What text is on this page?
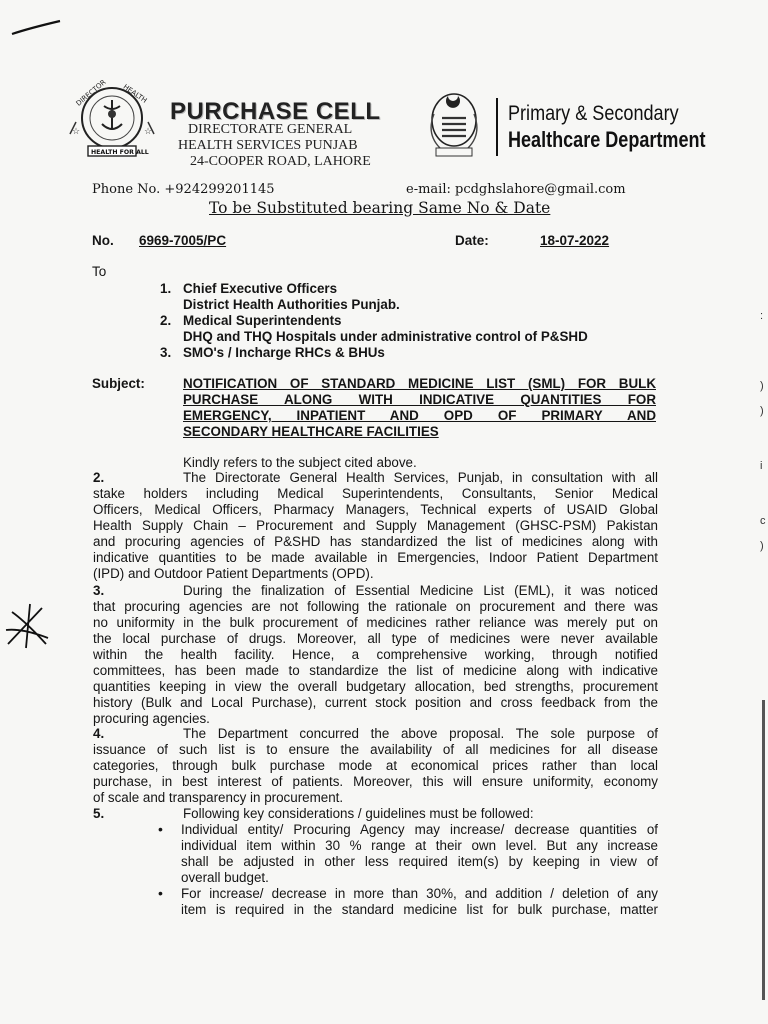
DIRECTOR HEALTH
☆	☆
HEALTH FOR ALL
PURCHASE CELL
DIRECTORATE GENERAL
HEALTH SERVICES PUNJAB
24-COOPER ROAD, LAHORE
Primary & Secondary
Healthcare Department
Phone No. +924299201145	e-mail: pcdghslahore@gmail.com
To be Substituted bearing Same No & Date
No. 6969-7005/PC	Date:	18-07-2022
To
1. Chief Executive Officers
District Health Authorities Punjab.
2. Medical Superintendents
DHQ and THQ Hospitals under administrative control of P&SHD
3. SMO's / Incharge RHCs & BHUs
Subject:	NOTIFICATION OF STANDARD MEDICINE LIST (SML) FOR BULK
PURCHASE ALONG WITH INDICATIVE QUANTITIES FOR
EMERGENCY, INPATIENT AND OPD OF PRIMARY AND
SECONDARY HEALTHCARE FACILITIES
Kindly refers to the subject cited above.
2.	The Directorate General Health Services, Punjab, in consultation with all
stake holders including Medical Superintendents, Consultants, Senior Medical
Officers, Medical Officers, Pharmacy Managers, Technical experts of USAID Global
Health Supply Chain – Procurement and Supply Management (GHSC-PSM) Pakistan
and procuring agencies of P&SHD has standardized the list of medicines along with
indicative quantities to be made available in Emergencies, Indoor Patient Department
(IPD) and Outdoor Patient Departments (OPD).
3.	During the finalization of Essential Medicine List (EML), it was noticed
that procuring agencies are not following the rationale on procurement and there was
no uniformity in the bulk procurement of medicines rather reliance was merely put on
the local purchase of drugs. Moreover, all type of medicines were never available
within the health facility. Hence, a comprehensive working, through notified
committees, has been made to standardize the list of medicine along with indicative
quantities keeping in view the overall budgetary allocation, bed strengths, procurement
history (Bulk and Local Purchase), current stock position and cross feedback from the
procuring agencies.
4.	The Department concurred the above proposal. The sole purpose of
issuance of such list is to ensure the availability of all medicines for all disease
categories, through bulk purchase mode at economical prices rather than local
purchase, in best interest of patients. Moreover, this will ensure uniformity, economy
of scale and transparency in procurement.
5.	Following key considerations / guidelines must be followed:
• Individual entity/ Procuring Agency may increase/ decrease quantities of
individual item within 30 % range at their own level. But any increase
shall be adjusted in other less required item(s) by keeping in view of
overall budget.
• For increase/ decrease in more than 30%, and addition / deletion of any
item is required in the standard medicine list for bulk purchase, matter
:
)
)
i
c
)
